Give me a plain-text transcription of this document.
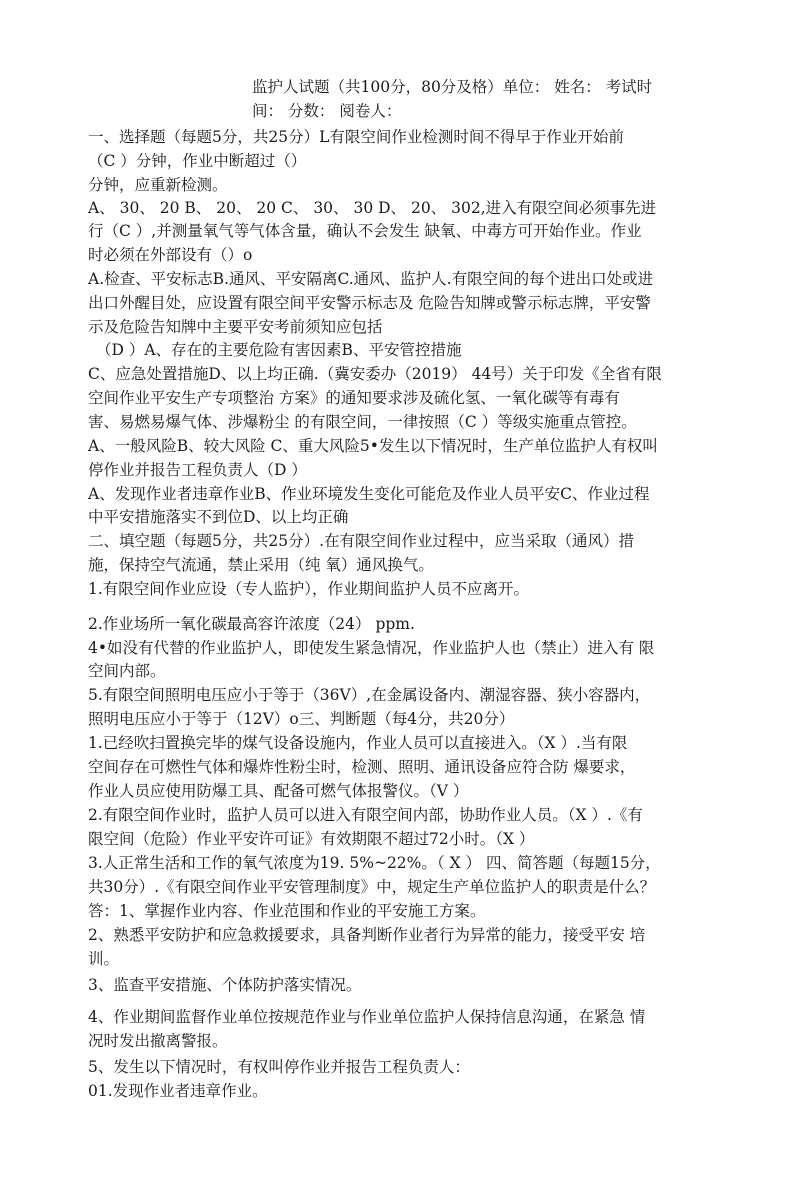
监护人试题（共100分，80分及格）单位： 姓名： 考试时
间： 分数： 阅卷人：
一、选择题（每题5分，共25分）L有限空间作业检测时间不得早于作业开始前
（C ）分钟，作业中断超过（）
分钟，应重新检测。
A、 30、 20 B、 20、 20 C、 30、 30 D、 20、 302,进入有限空间必须事先进
行（C ）,并测量氧气等气体含量，确认不会发生 缺氧、中毒方可开始作业。作业
时必须在外部设有（）o
A.检查、平安标志B.通风、平安隔离C.通风、监护人.有限空间的每个进出口处或进
出口外醒目处，应设置有限空间平安警示标志及 危险告知牌或警示标志牌，平安警
示及危险告知牌中主要平安考前须知应包括
（D ）A、存在的主要危险有害因素B、平安管控措施
C、应急处置措施D、以上均正确.（冀安委办（2019） 44号）关于印发《全省有限
空间作业平安生产专项整治 方案》的通知要求涉及硫化氢、一氧化碳等有毒有
害、易燃易爆气体、涉爆粉尘 的有限空间，一律按照（C ）等级实施重点管控。
A、一般风险B、较大风险 C、重大风险5•发生以下情况时，生产单位监护人有权叫
停作业并报告工程负责人（D ）
A、发现作业者违章作业B、作业环境发生变化可能危及作业人员平安C、作业过程
中平安措施落实不到位D、以上均正确
二、填空题（每题5分，共25分）.在有限空间作业过程中，应当采取（通风）措
施，保持空气流通，禁止采用（纯 氧）通风换气。
1.有限空间作业应设（专人监护），作业期间监护人员不应离开。
2.作业场所一氧化碳最高容许浓度（24） ppm.
4•如没有代替的作业监护人，即使发生紧急情况，作业监护人也（禁止）进入有 限
空间内部。
5.有限空间照明电压应小于等于（36V）,在金属设备内、潮湿容器、狭小容器内，
照明电压应小于等于（12V）o三、判断题（每4分，共20分）
1.已经吹扫置换完毕的煤气设备设施内，作业人员可以直接进入。（X ）.当有限
空间存在可燃性气体和爆炸性粉尘时，检测、照明、通讯设备应符合防 爆要求，
作业人员应使用防爆工具、配备可燃气体报警仪。（V ）
2.有限空间作业时，监护人员可以进入有限空间内部，协助作业人员。（X ）.《有
限空间（危险）作业平安许可证》有效期限不超过72小时。（X ）
3.人正常生活和工作的氧气浓度为19. 5%~22%。（ X ） 四、简答题（每题15分，
共30分）.《有限空间作业平安管理制度》中，规定生产单位监护人的职责是什么？
答：1、掌握作业内容、作业范围和作业的平安施工方案。
2、熟悉平安防护和应急救援要求，具备判断作业者行为异常的能力，接受平安 培
训。
3、监查平安措施、个体防护落实情况。
4、作业期间监督作业单位按规范作业与作业单位监护人保持信息沟通，在紧急 情
况时发出撤离警报。
5、发生以下情况时，有权叫停作业并报告工程负责人：
01.发现作业者违章作业。
